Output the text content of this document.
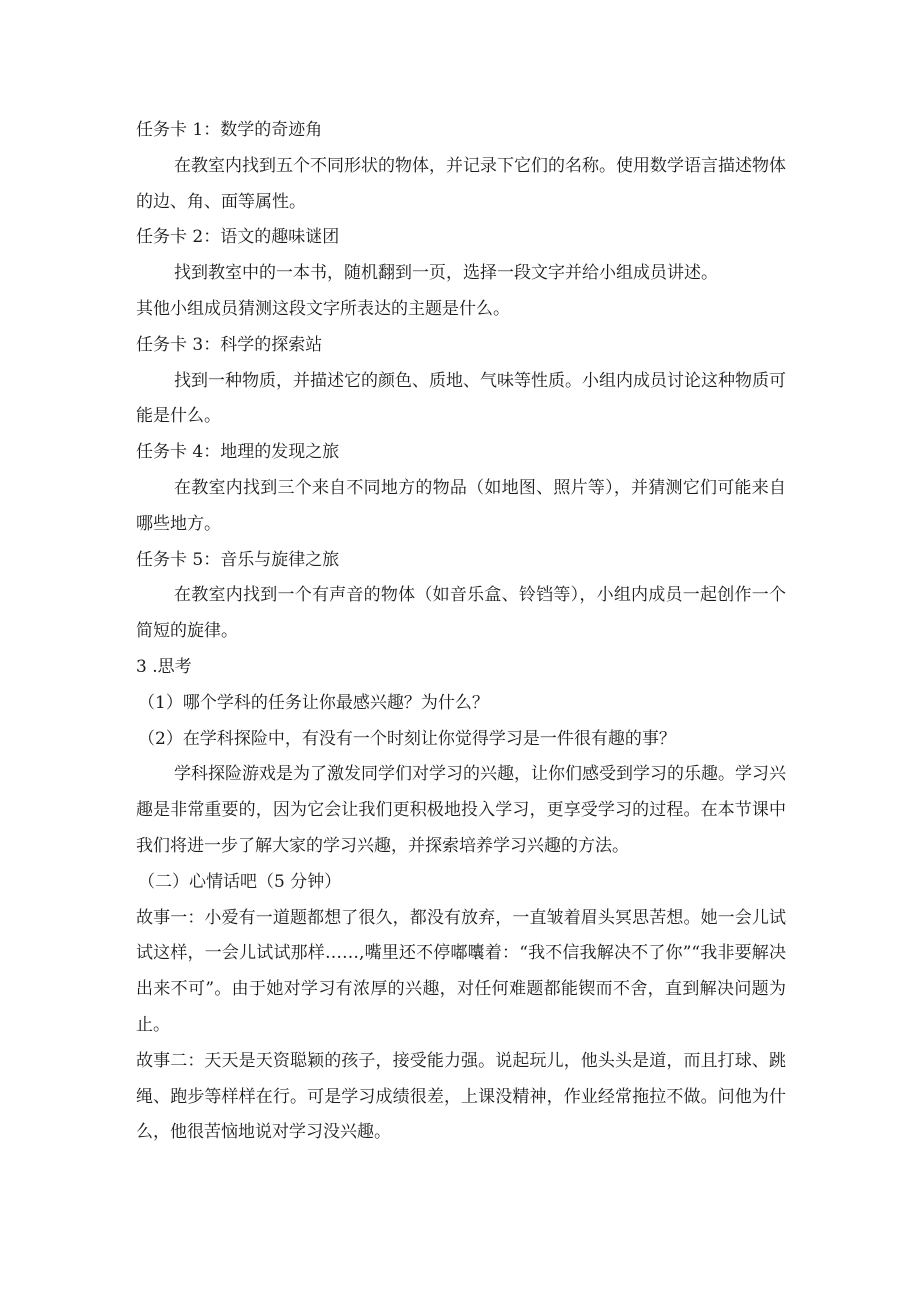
任务卡 1：数学的奇迹角
在教室内找到五个不同形状的物体，并记录下它们的名称。使用数学语言描述物体的边、角、面等属性。
任务卡 2：语文的趣味谜团
找到教室中的一本书，随机翻到一页，选择一段文字并给小组成员讲述。
其他小组成员猜测这段文字所表达的主题是什么。
任务卡 3：科学的探索站
找到一种物质，并描述它的颜色、质地、气味等性质。小组内成员讨论这种物质可能是什么。
任务卡 4：地理的发现之旅
在教室内找到三个来自不同地方的物品（如地图、照片等），并猜测它们可能来自哪些地方。
任务卡 5：音乐与旋律之旅
在教室内找到一个有声音的物体（如音乐盒、铃铛等），小组内成员一起创作一个简短的旋律。
3 .思考
（1）哪个学科的任务让你最感兴趣？为什么？
（2）在学科探险中，有没有一个时刻让你觉得学习是一件很有趣的事？
学科探险游戏是为了激发同学们对学习的兴趣，让你们感受到学习的乐趣。学习兴趣是非常重要的，因为它会让我们更积极地投入学习，更享受学习的过程。在本节课中我们将进一步了解大家的学习兴趣，并探索培养学习兴趣的方法。
（二）心情话吧（5 分钟）
故事一：小爱有一道题都想了很久，都没有放弃，一直皱着眉头冥思苦想。她一会儿试试这样，一会儿试试那样……,嘴里还不停嘟囔着：“我不信我解决不了你”“我非要解决出来不可”。由于她对学习有浓厚的兴趣，对任何难题都能锲而不舍，直到解决问题为止。
故事二：天天是天资聪颖的孩子，接受能力强。说起玩儿，他头头是道，而且打球、跳绳、跑步等样样在行。可是学习成绩很差，上课没精神，作业经常拖拉不做。问他为什么，他很苦恼地说对学习没兴趣。
